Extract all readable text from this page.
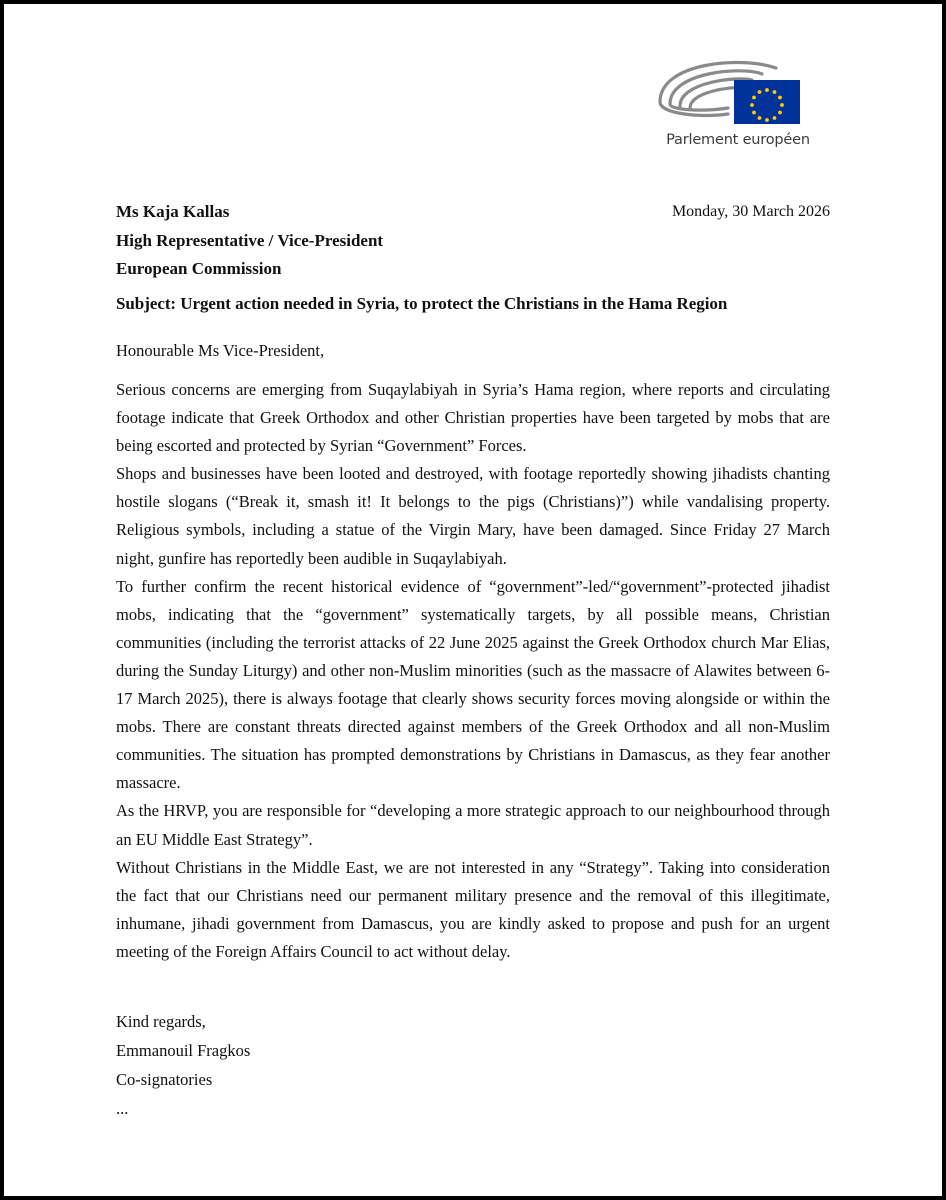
Parlement européen
Ms Kaja Kallas
High Representative / Vice-President
European Commission
Monday, 30 March 2026
Subject: Urgent action needed in Syria, to protect the Christians in the Hama Region
Honourable Ms Vice-President,

Serious concerns are emerging from Suqaylabiyah in Syria’s Hama region, where reports and circulating footage indicate that Greek Orthodox and other Christian properties have been targeted by mobs that are being escorted and protected by Syrian “Government” Forces.

Shops and businesses have been looted and destroyed, with footage reportedly showing jihadists chanting hostile slogans (“Break it, smash it! It belongs to the pigs (Christians)”) while vandalising property. Religious symbols, including a statue of the Virgin Mary, have been damaged. Since Friday 27 March night, gunfire has reportedly been audible in Suqaylabiyah.

To further confirm the recent historical evidence of “government”-led/“government”-protected jihadist mobs, indicating that the “government” systematically targets, by all possible means, Christian communities (including the terrorist attacks of 22 June 2025 against the Greek Orthodox church Mar Elias, during the Sunday Liturgy) and other non-Muslim minorities (such as the massacre of Alawites between 6-17 March 2025), there is always footage that clearly shows security forces moving alongside or within the mobs. There are constant threats directed against members of the Greek Orthodox and all non-Muslim communities. The situation has prompted demonstrations by Christians in Damascus, as they fear another massacre.

As the HRVP, you are responsible for “developing a more strategic approach to our neighbourhood through an EU Middle East Strategy”.

Without Christians in the Middle East, we are not interested in any “Strategy”. Taking into consideration the fact that our Christians need our permanent military presence and the removal of this illegitimate, inhumane, jihadi government from Damascus, you are kindly asked to propose and push for an urgent meeting of the Foreign Affairs Council to act without delay.

Kind regards,
Emmanouil Fragkos
Co-signatories
...
